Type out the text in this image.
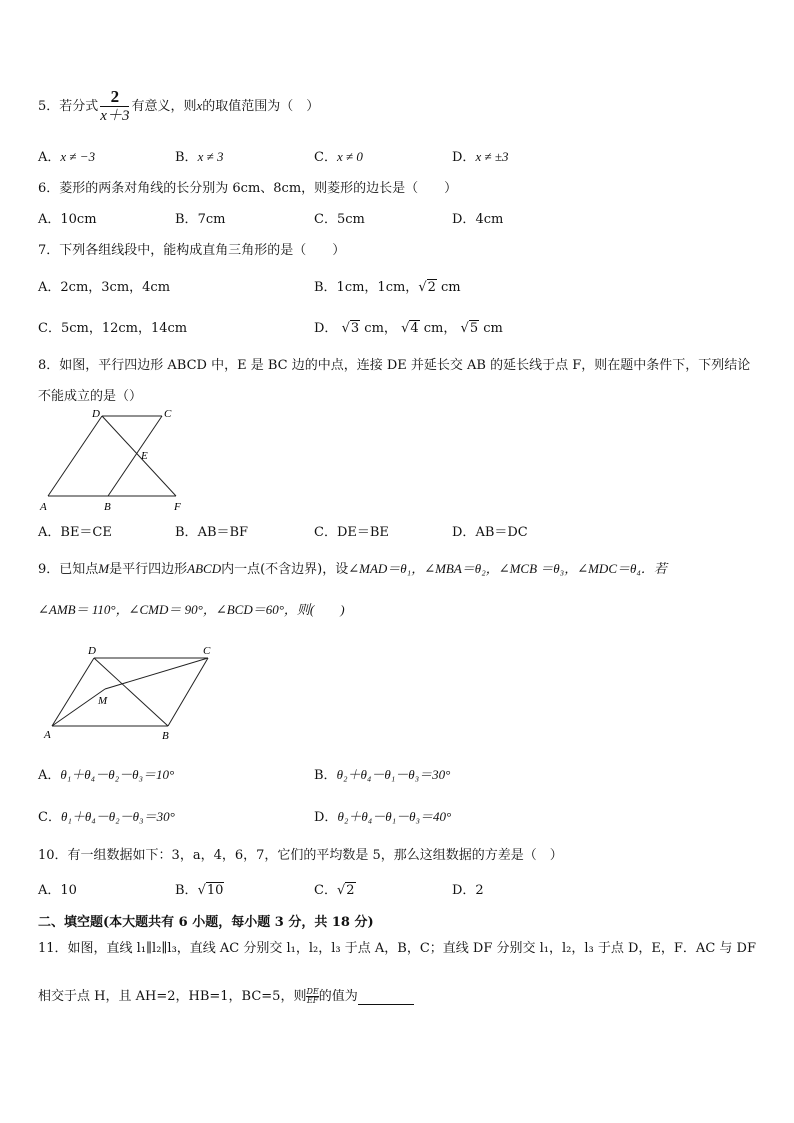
5．若分式 $\frac{2}{x+3}$ 有意义，则x的取值范围为（　）
A．x ≠ −3	B．x ≠ 3	C．x ≠ 0	D．x ≠ ±3
6．菱形的两条对角线的长分别为 6cm、8cm，则菱形的边长是（　　）
A．10cm	B．7cm	C．5cm	D．4cm
7．下列各组线段中，能构成直角三角形的是（　　）
A．2cm，3cm，4cm	B．1cm，1cm，√2 cm
C．5cm，12cm，14cm	D． √3 cm， √4 cm， √5 cm
8．如图，平行四边形 ABCD 中，E 是 BC 边的中点，连接 DE 并延长交 AB 的延长线于点 F，则在题中条件下，下列结论
不能成立的是（）
D	C
E
A	B	F
A．BE＝CE	B．AB＝BF	C．DE＝BE	D．AB＝DC
9．已知点M是平行四边形ABCD内一点(不含边界)，设∠MAD＝θ₁，∠MBA＝θ₂，∠MCB ＝θ₃，∠MDC＝θ₄．若
∠AMB＝ 110°，∠CMD＝ 90°，∠BCD＝60°，则(　　)
D	C
M
A	B
A．θ₁＋θ₄－θ₂－θ₃＝10°	B．θ₂＋θ₄－θ₁－θ₃＝30°
C．θ₁＋θ₄－θ₂－θ₃＝30°	D．θ₂＋θ₄－θ₁－θ₃＝40°
10．有一组数据如下：3，a，4，6，7，它们的平均数是 5，那么这组数据的方差是（　）
A．10	B．√10	C．√2	D．2
二、填空题(本大题共有 6 小题，每小题 3 分，共 18 分)
11．如图，直线 l₁∥l₂∥l₃，直线 AC 分别交 l₁，l₂，l₃ 于点 A，B，C；直线 DF 分别交 l₁，l₂，l₃ 于点 D，E，F．AC 与 DF
相交于点 H，且 AH=2，HB=1，BC=5，则 $\frac{DE}{EF}$ 的值为
